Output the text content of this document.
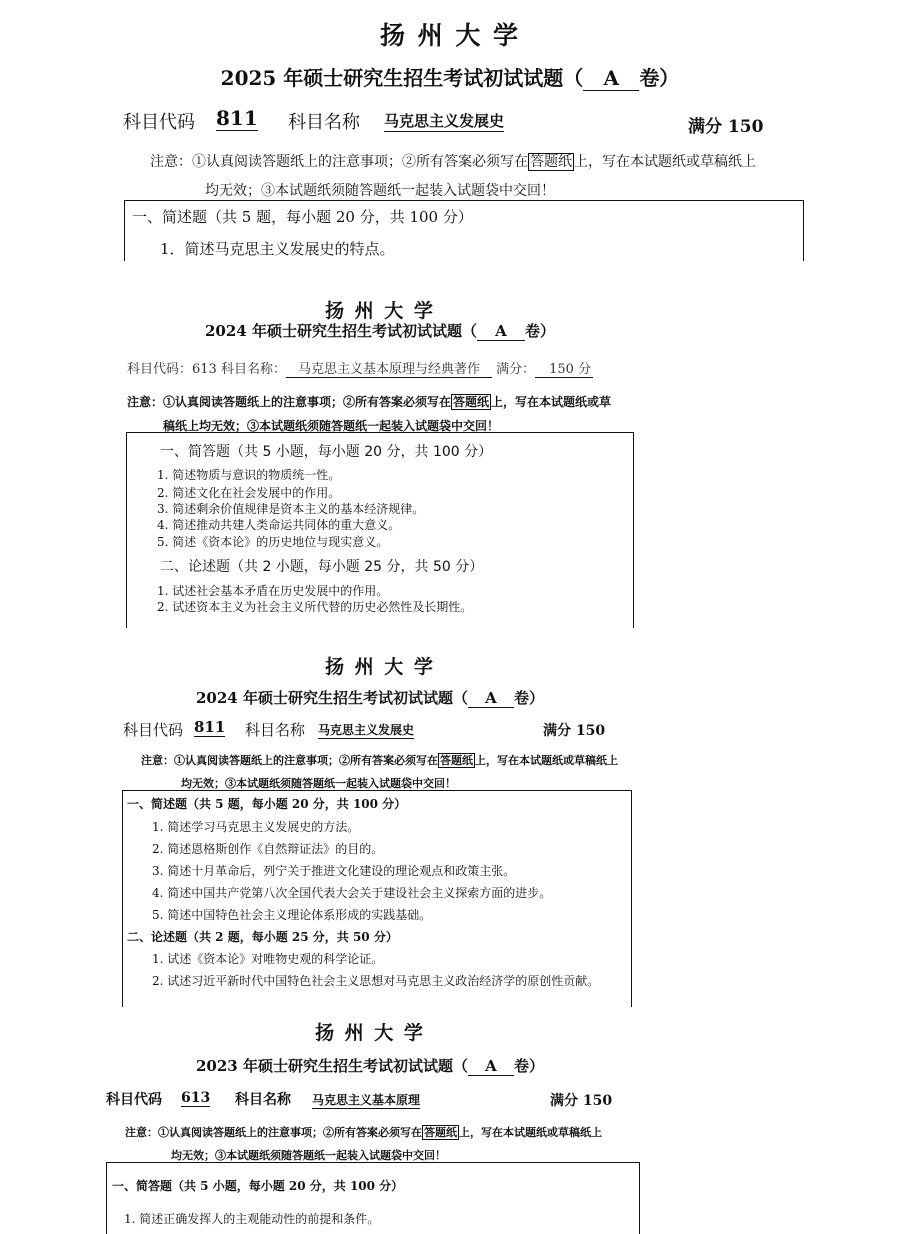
扬 州 大 学
2025 年硕士研究生招生考试初试试题（ A 卷）
科目代码 811 科目名称 马克思主义发展史	满分 150
注意：①认真阅读答题纸上的注意事项；②所有答案必须写在 答题纸 上，写在本试题纸或草稿纸上
均无效；③本试题纸须随答题纸一起装入试题袋中交回！
一、简述题（共 5 题，每小题 20 分，共 100 分）
1．简述马克思主义发展史的特点。
扬 州 大 学
2024 年硕士研究生招生考试初试试题（ A 卷）
科目代码：613 科目名称： 马克思主义基本原理与经典著作 满分： 150 分
注意：①认真阅读答题纸上的注意事项；②所有答案必须写在 答题纸 上，写在本试题纸或草
稿纸上均无效；③本试题纸须随答题纸一起装入试题袋中交回！
一、简答题（共 5 小题，每小题 20 分，共 100 分）
1. 简述物质与意识的物质统一性。
2. 简述文化在社会发展中的作用。
3. 简述剩余价值规律是资本主义的基本经济规律。
4. 简述推动共建人类命运共同体的重大意义。
5. 简述《资本论》的历史地位与现实意义。
二、论述题（共 2 小题，每小题 25 分，共 50 分）
1. 试述社会基本矛盾在历史发展中的作用。
2. 试述资本主义为社会主义所代替的历史必然性及长期性。
扬 州 大 学
2024 年硕士研究生招生考试初试试题（ A 卷）
科目代码 811 科目名称 马克思主义发展史	满分 150
注意：①认真阅读答题纸上的注意事项；②所有答案必须写在 答题纸 上，写在本试题纸或草稿纸上
均无效；③本试题纸须随答题纸一起装入试题袋中交回！
一、简述题（共 5 题，每小题 20 分，共 100 分）
1. 简述学习马克思主义发展史的方法。
2. 简述恩格斯创作《自然辩证法》的目的。
3. 简述十月革命后，列宁关于推进文化建设的理论观点和政策主张。
4. 简述中国共产党第八次全国代表大会关于建设社会主义探索方面的进步。
5. 简述中国特色社会主义理论体系形成的实践基础。
二、论述题（共 2 题，每小题 25 分，共 50 分）
1. 试述《资本论》对唯物史观的科学论证。
2. 试述习近平新时代中国特色社会主义思想对马克思主义政治经济学的原创性贡献。
扬 州 大 学
2023 年硕士研究生招生考试初试试题（ A 卷）
科目代码 613 科目名称 马克思主义基本原理	满分 150
注意：①认真阅读答题纸上的注意事项；②所有答案必须写在 答题纸 上，写在本试题纸或草稿纸上
均无效；③本试题纸须随答题纸一起装入试题袋中交回！
一、简答题（共 5 小题，每小题 20 分，共 100 分）
1. 简述正确发挥人的主观能动性的前提和条件。
